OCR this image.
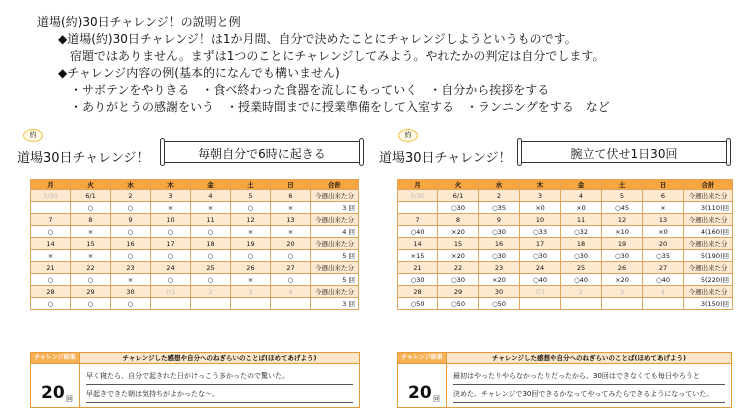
道場(約)30日チャレンジ！の説明と例
◆道場(約)30日チャレンジ！は1か月間、自分で決めたことにチャレンジしようというものです。
宿題ではありません。まずは1つのことにチャレンジしてみよう。やれたかの判定は自分でします。
◆チャレンジ内容の例(基本的になんでも構いません)
・サボテンをやりきる　・食べ終わった食器を流しにもっていく　・自分から挨拶をする
・ありがとうの感謝をいう　・授業時間までに授業準備をして入室する　・ランニングをする　など
約
道場30日チャレンジ！	毎朝自分で6時に起きる
月	火	水	木	金	土	日	合計
5/30	6/1	2	3	4	5	6	今週出来た分
	○	○	×	×	○	×	3 回
7	8	9	10	11	12	13	今週出来た分
○	×	○	○	○	×	×	4 回
14	15	16	17	18	19	20	今週出来た分
×	×	○	○	○	○	○	5 回
21	22	23	24	25	26	27	今週出来た分
○	○	×	○	○	×	○	5 回
28	29	30	7/1	2	3	4	今週出来た分
○	○	○					3 回
チャレンジ結果	チャレンジした感想や自分へのねぎらいのことば(ほめてあげよう)
20 回
早く寝たら、自分で起きれた日がけっこう多かったので驚いた。
早起きできた朝は気持ちがよかったな～。
約
道場30日チャレンジ！	腕立て伏せ1日30回
月	火	水	木	金	土	日	合計
5/30	6/1	2	3	4	5	6	今週出来た分
	○30	○35	×0	×0	○45	×	3(110)回
7	8	9	10	11	12	13	今週出来た分
○40	×20	○30	○33	○32	×10	×0	4(160)回
14	15	16	17	18	19	20	今週出来た分
×15	×20	○30	○30	○30	○30	○35	5(190)回
21	22	23	24	25	26	27	今週出来た分
○30	○30	×20	○40	○40	×20	○40	5(220)回
28	29	30	7/1	2	3	4	今週出来た分
○50	○50	○50					3(150)回
チャレンジ結果	チャレンジした感想や自分へのねぎらいのことば(ほめてあげよう)
20 回
最初はやったりやらなかったりだったから、30回はできなくても毎日やろうと
決めた。チャレンジで30回できるかなってやってみたらできるようになっていた。
